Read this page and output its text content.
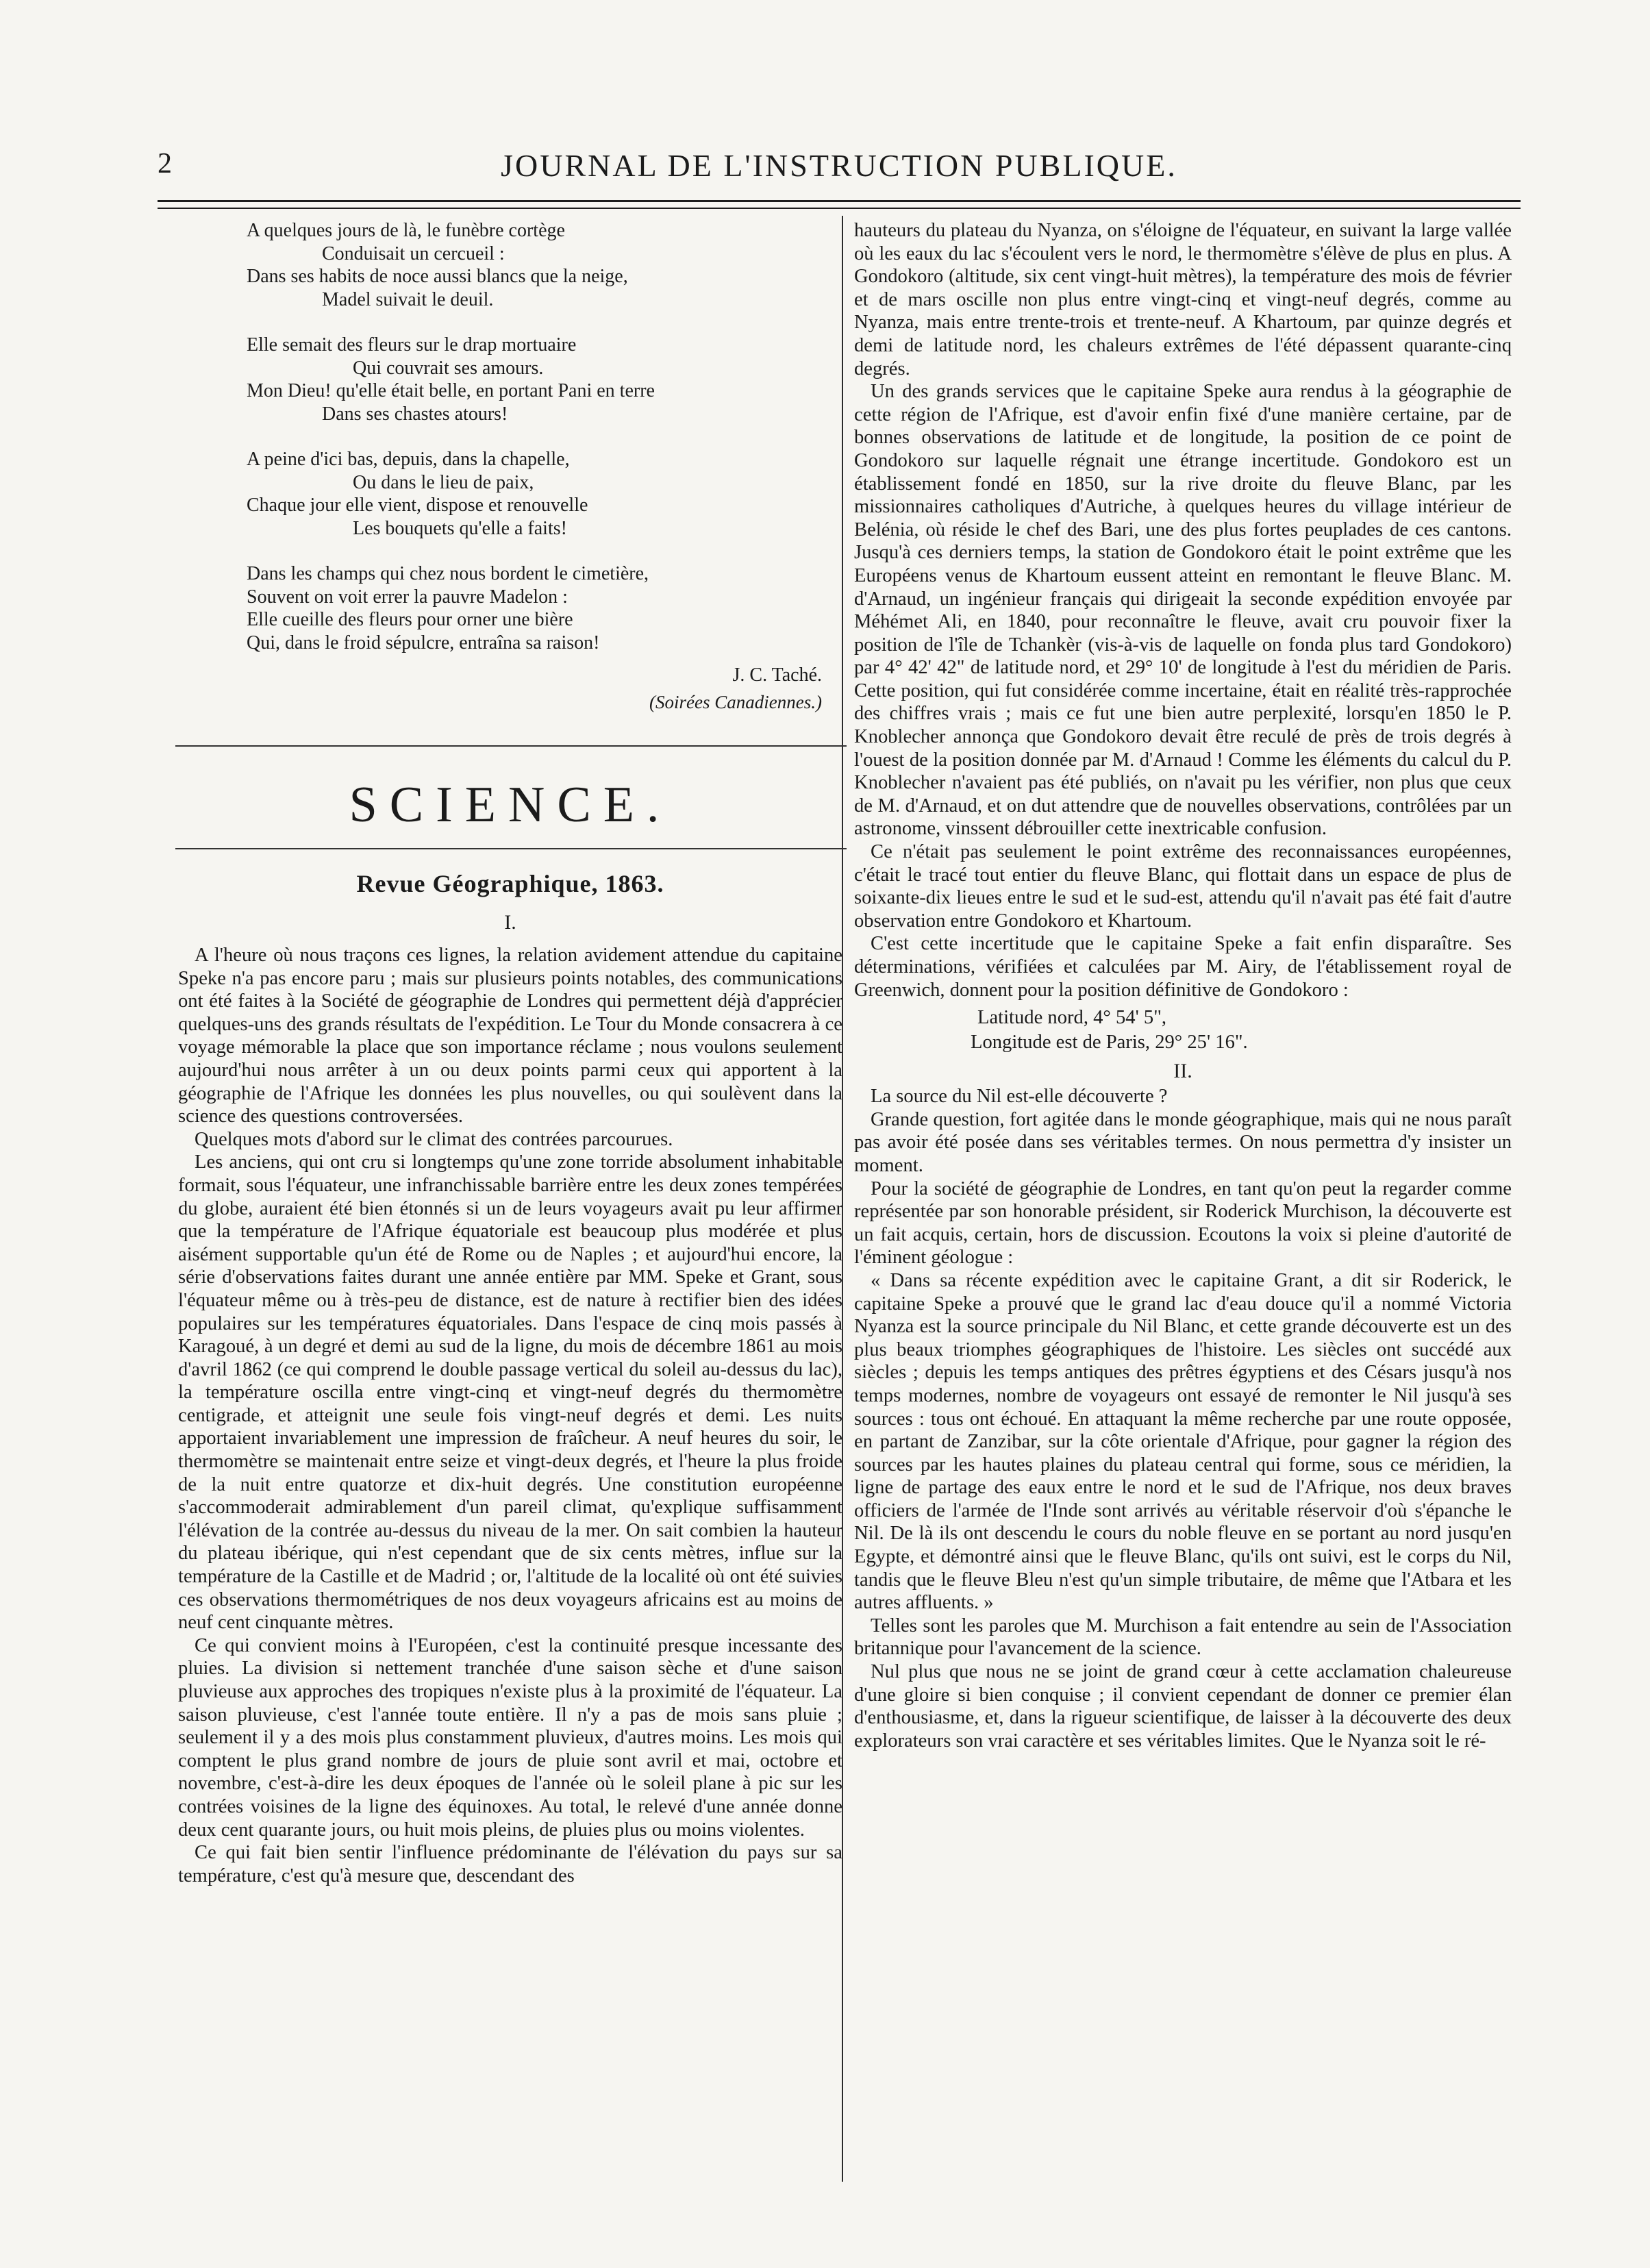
2	JOURNAL DE L'INSTRUCTION PUBLIQUE.
A quelques jours de là, le funèbre cortège
Conduisait un cercueil :
Dans ses habits de noce aussi blancs que la neige,
Madel suivait le deuil.
Elle semait des fleurs sur le drap mortuaire
Qui couvrait ses amours.
Mon Dieu! qu'elle était belle, en portant Pani en terre
Dans ses chastes atours!
A peine d'ici bas, depuis, dans la chapelle,
Ou dans le lieu de paix,
Chaque jour elle vient, dispose et renouvelle
Les bouquets qu'elle a faits!
Dans les champs qui chez nous bordent le cimetière,
Souvent on voit errer la pauvre Madelon :
Elle cueille des fleurs pour orner une bière
Qui, dans le froid sépulcre, entraîna sa raison!
J. C. Taché.
(Soirées Canadiennes.)
SCIENCE.
Revue Géographique, 1863.
I.

A l'heure où nous traçons ces lignes, la relation avidement attendue du capitaine Speke n'a pas encore paru ; mais sur plusieurs points notables, des communications ont été faites à la Société de géographie de Londres qui permettent déjà d'apprécier quelques-uns des grands résultats de l'expédition. Le Tour du Monde consacrera à ce voyage mémorable la place que son importance réclame ; nous voulons seulement aujourd'hui nous arrêter à un ou deux points parmi ceux qui apportent à la géographie de l'Afrique les données les plus nouvelles, ou qui soulèvent dans la science des questions controversées.

Quelques mots d'abord sur le climat des contrées parcourues.

Les anciens, qui ont cru si longtemps qu'une zone torride absolument inhabitable formait, sous l'équateur, une infranchissable barrière entre les deux zones tempérées du globe, auraient été bien étonnés si un de leurs voyageurs avait pu leur affirmer que la température de l'Afrique équatoriale est beaucoup plus modérée et plus aisément supportable qu'un été de Rome ou de Naples ; et aujourd'hui encore, la série d'observations faites durant une année entière par MM. Speke et Grant, sous l'équateur même ou à très-peu de distance, est de nature à rectifier bien des idées populaires sur les températures équatoriales. Dans l'espace de cinq mois passés à Karagoué, à un degré et demi au sud de la ligne, du mois de décembre 1861 au mois d'avril 1862 (ce qui comprend le double passage vertical du soleil au-dessus du lac), la température oscilla entre vingt-cinq et vingt-neuf degrés du thermomètre centigrade, et atteignit une seule fois vingt-neuf degrés et demi. Les nuits apportaient invariablement une impression de fraîcheur. A neuf heures du soir, le thermomètre se maintenait entre seize et vingt-deux degrés, et l'heure la plus froide de la nuit entre quatorze et dix-huit degrés. Une constitution européenne s'accommoderait admirablement d'un pareil climat, qu'explique suffisamment l'élévation de la contrée au-dessus du niveau de la mer. On sait combien la hauteur du plateau ibérique, qui n'est cependant que de six cents mètres, influe sur la température de la Castille et de Madrid ; or, l'altitude de la localité où ont été suivies ces observations thermométriques de nos deux voyageurs africains est au moins de neuf cent cinquante mètres.

Ce qui convient moins à l'Européen, c'est la continuité presque incessante des pluies. La division si nettement tranchée d'une saison sèche et d'une saison pluvieuse aux approches des tropiques n'existe plus à la proximité de l'équateur. La saison pluvieuse, c'est l'année toute entière. Il n'y a pas de mois sans pluie ; seulement il y a des mois plus constamment pluvieux, d'autres moins. Les mois qui comptent le plus grand nombre de jours de pluie sont avril et mai, octobre et novembre, c'est-à-dire les deux époques de l'année où le soleil plane à pic sur les contrées voisines de la ligne des équinoxes. Au total, le relevé d'une année donne deux cent quarante jours, ou huit mois pleins, de pluies plus ou moins violentes.

Ce qui fait bien sentir l'influence prédominante de l'élévation du pays sur sa température, c'est qu'à mesure que, descendant des

hauteurs du plateau du Nyanza, on s'éloigne de l'équateur, en suivant la large vallée où les eaux du lac s'écoulent vers le nord, le thermomètre s'élève de plus en plus. A Gondokoro (altitude, six cent vingt-huit mètres), la température des mois de février et de mars oscille non plus entre vingt-cinq et vingt-neuf degrés, comme au Nyanza, mais entre trente-trois et trente-neuf. A Khartoum, par quinze degrés et demi de latitude nord, les chaleurs extrêmes de l'été dépassent quarante-cinq degrés.

Un des grands services que le capitaine Speke aura rendus à la géographie de cette région de l'Afrique, est d'avoir enfin fixé d'une manière certaine, par de bonnes observations de latitude et de longitude, la position de ce point de Gondokoro sur laquelle régnait une étrange incertitude. Gondokoro est un établissement fondé en 1850, sur la rive droite du fleuve Blanc, par les missionnaires catholiques d'Autriche, à quelques heures du village intérieur de Belénia, où réside le chef des Bari, une des plus fortes peuplades de ces cantons. Jusqu'à ces derniers temps, la station de Gondokoro était le point extrême que les Européens venus de Khartoum eussent atteint en remontant le fleuve Blanc. M. d'Arnaud, un ingénieur français qui dirigeait la seconde expédition envoyée par Méhémet Ali, en 1840, pour reconnaître le fleuve, avait cru pouvoir fixer la position de l'île de Tchankèr (vis-à-vis de laquelle on fonda plus tard Gondokoro) par 4° 42' 42" de latitude nord, et 29° 10' de longitude à l'est du méridien de Paris. Cette position, qui fut considérée comme incertaine, était en réalité très-rapprochée des chiffres vrais ; mais ce fut une bien autre perplexité, lorsqu'en 1850 le P. Knoblecher annonça que Gondokoro devait être reculé de près de trois degrés à l'ouest de la position donnée par M. d'Arnaud ! Comme les éléments du calcul du P. Knoblecher n'avaient pas été publiés, on n'avait pu les vérifier, non plus que ceux de M. d'Arnaud, et on dut attendre que de nouvelles observations, contrôlées par un astronome, vinssent débrouiller cette inextricable confusion.

Ce n'était pas seulement le point extrême des reconnaissances européennes, c'était le tracé tout entier du fleuve Blanc, qui flottait dans un espace de plus de soixante-dix lieues entre le sud et le sud-est, attendu qu'il n'avait pas été fait d'autre observation entre Gondokoro et Khartoum.

C'est cette incertitude que le capitaine Speke a fait enfin disparaître. Ses déterminations, vérifiées et calculées par M. Airy, de l'établissement royal de Greenwich, donnent pour la position définitive de Gondokoro :

Latitude nord, 4° 54' 5",
Longitude est de Paris, 29° 25' 16".
II.

La source du Nil est-elle découverte ?

Grande question, fort agitée dans le monde géographique, mais qui ne nous paraît pas avoir été posée dans ses véritables termes. On nous permettra d'y insister un moment.

Pour la société de géographie de Londres, en tant qu'on peut la regarder comme représentée par son honorable président, sir Roderick Murchison, la découverte est un fait acquis, certain, hors de discussion. Ecoutons la voix si pleine d'autorité de l'éminent géologue :

« Dans sa récente expédition avec le capitaine Grant, a dit sir Roderick, le capitaine Speke a prouvé que le grand lac d'eau douce qu'il a nommé Victoria Nyanza est la source principale du Nil Blanc, et cette grande découverte est un des plus beaux triomphes géographiques de l'histoire. Les siècles ont succédé aux siècles ; depuis les temps antiques des prêtres égyptiens et des Césars jusqu'à nos temps modernes, nombre de voyageurs ont essayé de remonter le Nil jusqu'à ses sources : tous ont échoué. En attaquant la même recherche par une route opposée, en partant de Zanzibar, sur la côte orientale d'Afrique, pour gagner la région des sources par les hautes plaines du plateau central qui forme, sous ce méridien, la ligne de partage des eaux entre le nord et le sud de l'Afrique, nos deux braves officiers de l'armée de l'Inde sont arrivés au véritable réservoir d'où s'épanche le Nil. De là ils ont descendu le cours du noble fleuve en se portant au nord jusqu'en Egypte, et démontré ainsi que le fleuve Blanc, qu'ils ont suivi, est le corps du Nil, tandis que le fleuve Bleu n'est qu'un simple tributaire, de même que l'Atbara et les autres affluents. »

Telles sont les paroles que M. Murchison a fait entendre au sein de l'Association britannique pour l'avancement de la science.

Nul plus que nous ne se joint de grand cœur à cette acclamation chaleureuse d'une gloire si bien conquise ; il convient cependant de donner ce premier élan d'enthousiasme, et, dans la rigueur scientifique, de laisser à la découverte des deux explorateurs son vrai caractère et ses véritables limites. Que le Nyanza soit le ré-
